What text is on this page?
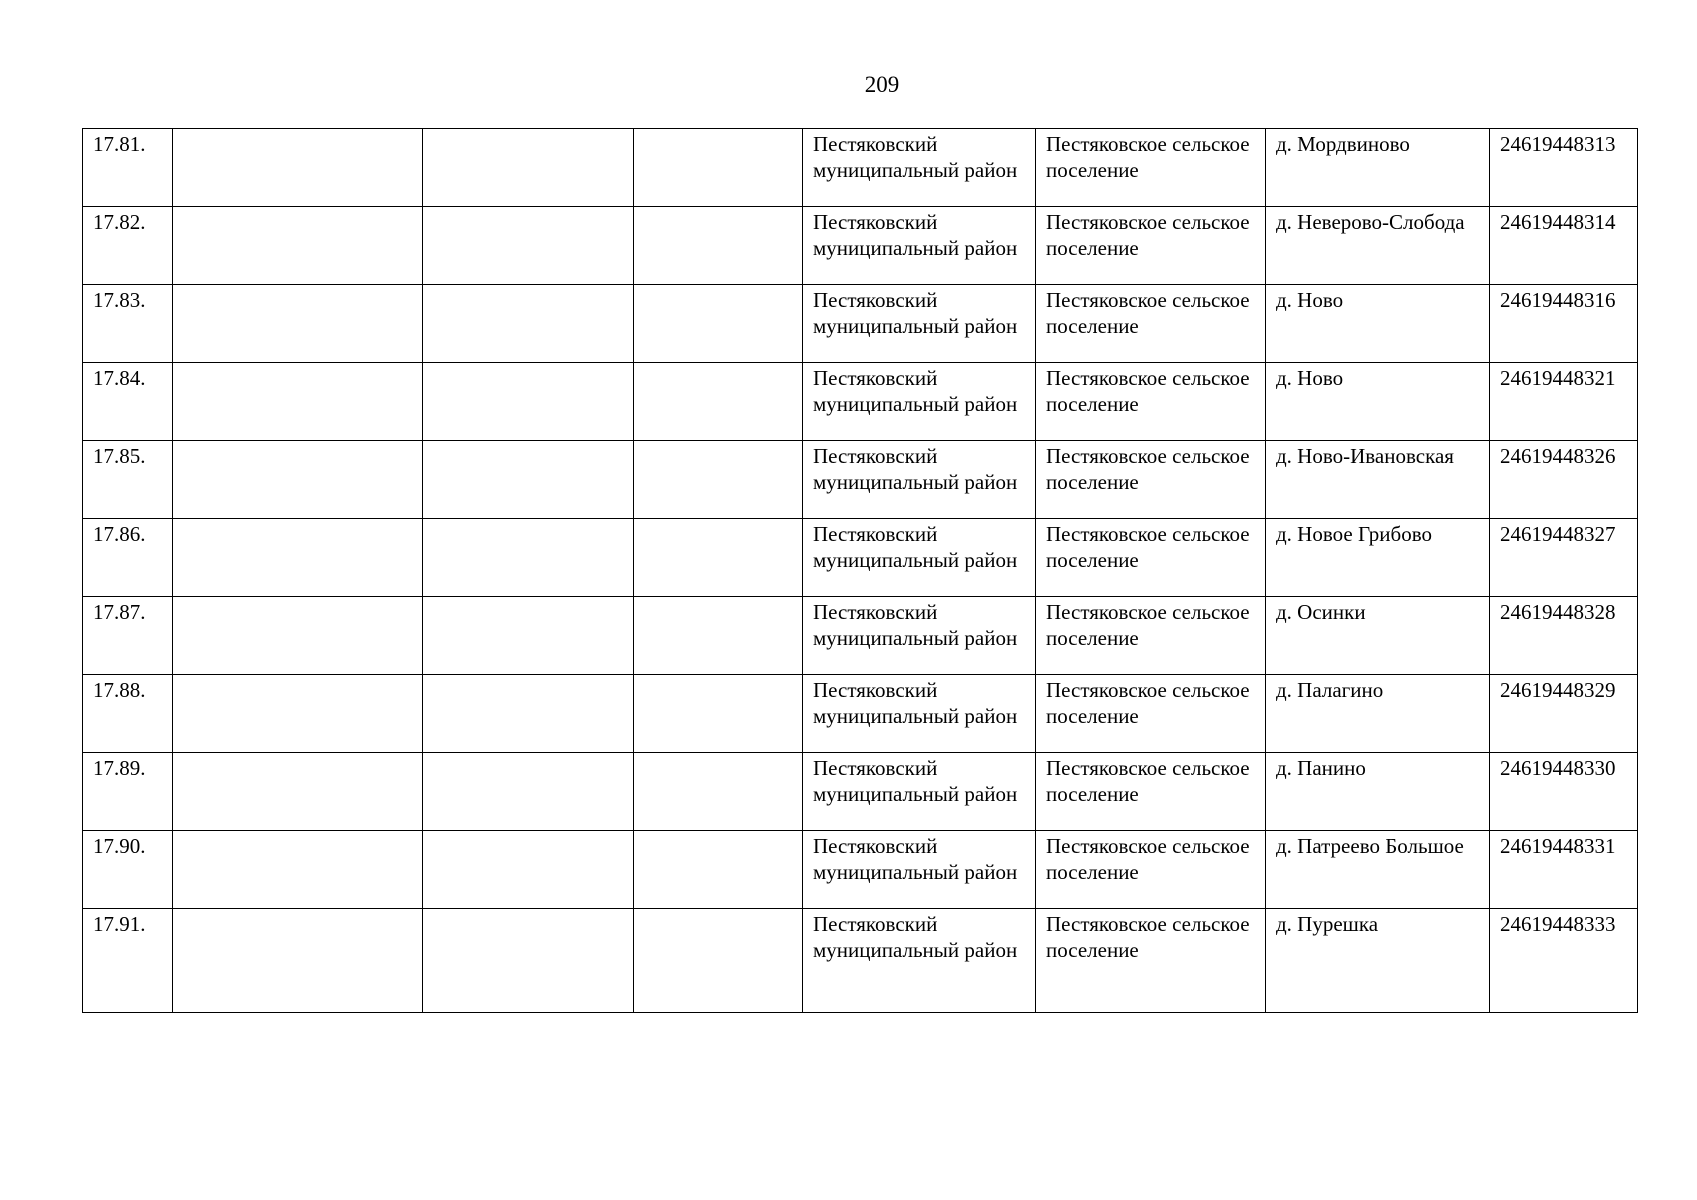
209
17.81.				Пестяковский муниципальный район	Пестяковское сельское поселение	д. Мордвиново	24619448313
17.82.				Пестяковский муниципальный район	Пестяковское сельское поселение	д. Неверово-Слобода	24619448314
17.83.				Пестяковский муниципальный район	Пестяковское сельское поселение	д. Ново	24619448316
17.84.				Пестяковский муниципальный район	Пестяковское сельское поселение	д. Ново	24619448321
17.85.				Пестяковский муниципальный район	Пестяковское сельское поселение	д. Ново-Ивановская	24619448326
17.86.				Пестяковский муниципальный район	Пестяковское сельское поселение	д. Новое Грибово	24619448327
17.87.				Пестяковский муниципальный район	Пестяковское сельское поселение	д. Осинки	24619448328
17.88.				Пестяковский муниципальный район	Пестяковское сельское поселение	д. Палагино	24619448329
17.89.				Пестяковский муниципальный район	Пестяковское сельское поселение	д. Панино	24619448330
17.90.				Пестяковский муниципальный район	Пестяковское сельское поселение	д. Патреево Большое	24619448331
17.91.				Пестяковский муниципальный район	Пестяковское сельское поселение	д. Пурешка	24619448333
